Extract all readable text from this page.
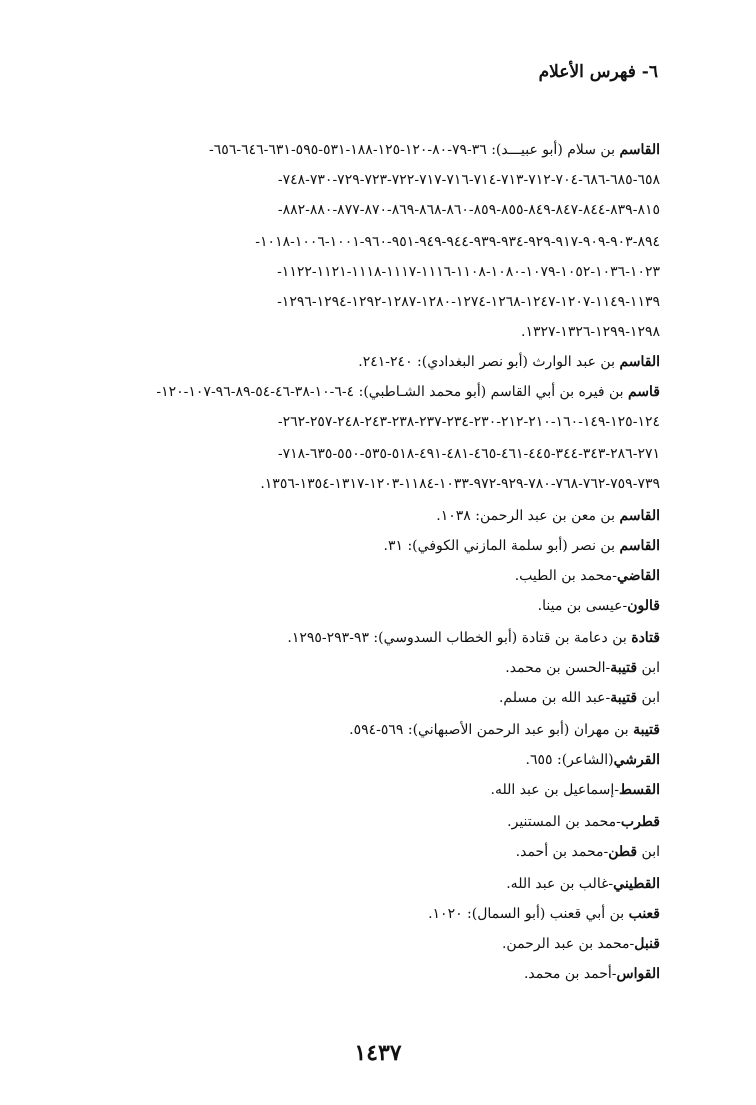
٦- فهرس الأعلام
القاسم بن سلام (أبو عبيـــد): ٣٦-٧٩-٨٠-١٢٠-١٢٥-١٨٨-٥٣١-٥٩٥-٦٣١-٦٤٦-٦٥٦-
٦٥٨-٦٨٥-٦٨٦-٧٠٤-٧١٢-٧١٣-٧١٤-٧١٦-٧١٧-٧٢٢-٧٢٣-٧٢٩-٧٣٠-٧٤٨-
٨١٥-٨٣٩-٨٤٤-٨٤٧-٨٤٩-٨٥٥-٨٥٩-٨٦٠-٨٦٨-٨٦٩-٨٧٠-٨٧٧-٨٨٠-٨٨٢-
٨٩٤-٩٠٣-٩٠٩-٩١٧-٩٢٩-٩٣٤-٩٣٩-٩٤٤-٩٤٩-٩٥١-٩٦٠-١٠٠١-١٠٠٦-١٠١٨-
١٠٢٣-١٠٣٦-١٠٥٢-١٠٧٩-١٠٨٠-١١٠٨-١١١٦-١١١٧-١١١٨-١١٢١-١١٢٢-
١١٣٩-١١٤٩-١٢٠٧-١٢٤٧-١٢٦٨-١٢٧٤-١٢٨٠-١٢٨٧-١٢٩٢-١٢٩٤-١٢٩٦-
١٢٩٨-١٢٩٩-١٣٢٦-١٣٢٧.
القاسم بن عبد الوارث (أبو نصر البغدادي): ٢٤٠-٢٤١.
قاسم بن فيره بن أبي القاسم (أبو محمد الشـاطبي): ٤-٦-١٠-٣٨-٤٦-٥٤-٨٩-٩٦-١٠٧-١٢٠-
١٢٤-١٢٥-١٤٩-١٦٠-٢١٠-٢١٢-٢٣٠-٢٣٤-٢٣٧-٢٣٨-٢٤٣-٢٤٨-٢٥٧-٢٦٢-
٢٧١-٢٨٦-٣٤٣-٣٤٤-٤٤٥-٤٦١-٤٦٥-٤٨١-٤٩١-٥١٨-٥٣٥-٥٥٠-٦٣٥-٧١٨-
٧٣٩-٧٥٩-٧٦٢-٧٦٨-٧٨٠-٩٢٩-٩٧٢-١٠٣٣-١١٨٤-١٢٠٣-١٣١٧-١٣٥٤-١٣٥٦.
القاسم بن معن بن عبد الرحمن: ١٠٣٨.
القاسم بن نصر (أبو سلمة المازني الكوفي): ٣١.
القاضي-محمد بن الطيب.
قالون-عيسى بن مينا.
قتادة بن دعامة بن قتادة (أبو الخطاب السدوسي): ٩٣-٢٩٣-١٢٩٥.
ابن قتيبة-الحسن بن محمد.
ابن قتيبة-عبد الله بن مسلم.
قتيبة بن مهران (أبو عبد الرحمن الأصبهاني): ٥٦٩-٥٩٤.
القرشي(الشاعر): ٦٥٥.
القسط-إسماعيل بن عبد الله.
قطرب-محمد بن المستنير.
ابن قطن-محمد بن أحمد.
القطيني-غالب بن عبد الله.
قعنب بن أبي قعنب (أبو السمال): ١٠٢٠.
قنبل-محمد بن عبد الرحمن.
القواس-أحمد بن محمد.
١٤٣٧
